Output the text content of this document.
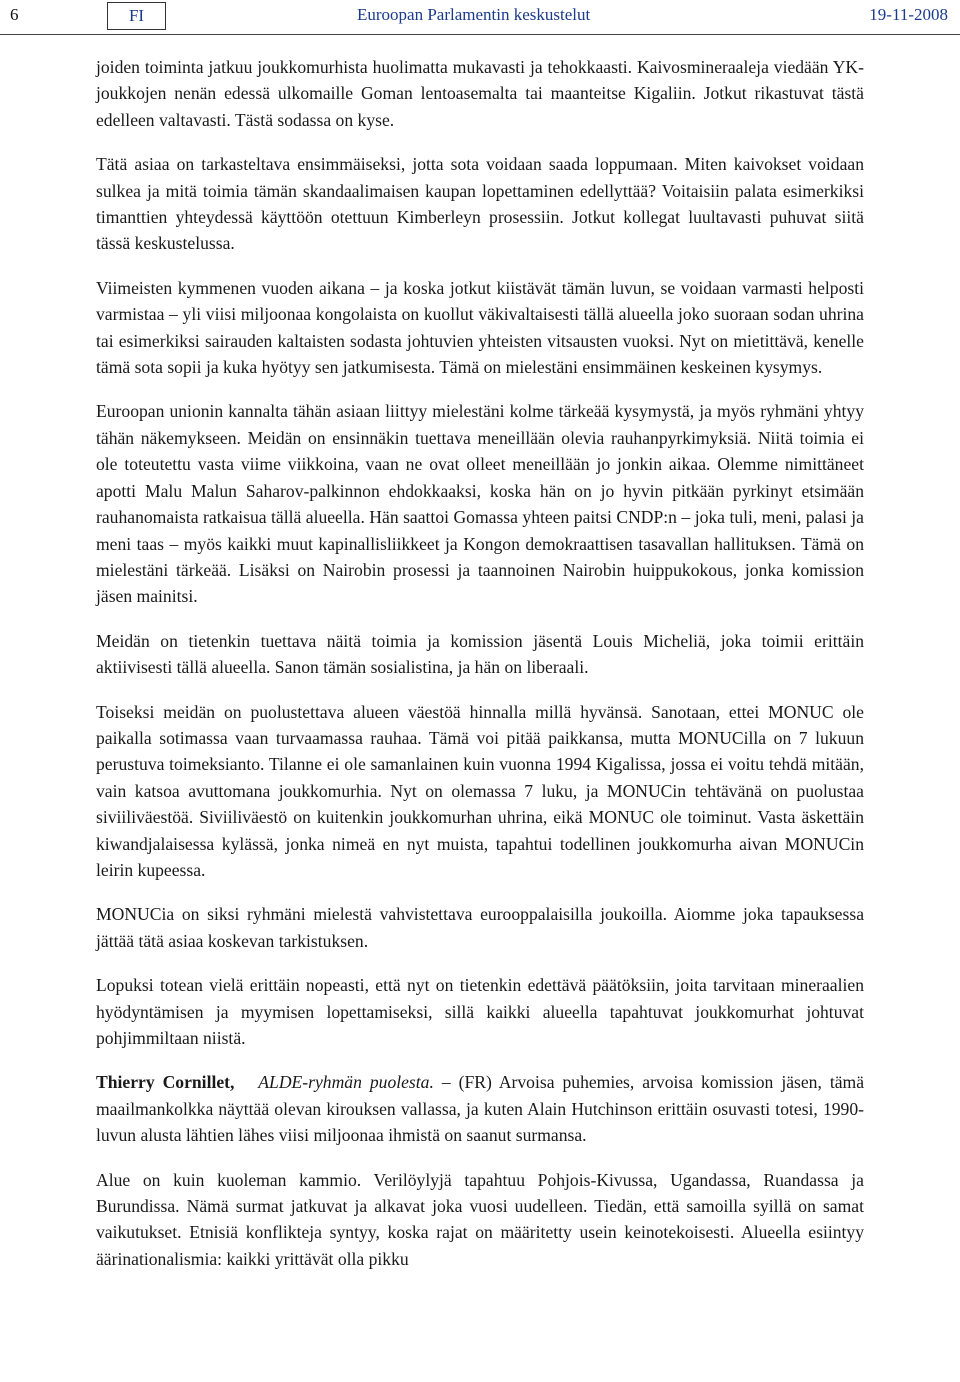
6	FI	Euroopan Parlamentin keskustelut	19-11-2008

joiden toiminta jatkuu joukkomurhista huolimatta mukavasti ja tehokkaasti. Kaivosmineraaleja viedään YK-joukkojen nenän edessä ulkomaille Goman lentoasemalta tai maanteitse Kigaliin. Jotkut rikastuvat tästä edelleen valtavasti. Tästä sodassa on kyse.

Tätä asiaa on tarkasteltava ensimmäiseksi, jotta sota voidaan saada loppumaan. Miten kaivokset voidaan sulkea ja mitä toimia tämän skandaalimaisen kaupan lopettaminen edellyttää? Voitaisiin palata esimerkiksi timanttien yhteydessä käyttöön otettuun Kimberleyn prosessiin. Jotkut kollegat luultavasti puhuvat siitä tässä keskustelussa.

Viimeisten kymmenen vuoden aikana – ja koska jotkut kiistävät tämän luvun, se voidaan varmasti helposti varmistaa – yli viisi miljoonaa kongolaista on kuollut väkivaltaisesti tällä alueella joko suoraan sodan uhrina tai esimerkiksi sairauden kaltaisten sodasta johtuvien yhteisten vitsausten vuoksi. Nyt on mietittävä, kenelle tämä sota sopii ja kuka hyötyy sen jatkumisesta. Tämä on mielestäni ensimmäinen keskeinen kysymys.

Euroopan unionin kannalta tähän asiaan liittyy mielestäni kolme tärkeää kysymystä, ja myös ryhmäni yhtyy tähän näkemykseen. Meidän on ensinnäkin tuettava meneillään olevia rauhanpyrkimyksiä. Niitä toimia ei ole toteutettu vasta viime viikkoina, vaan ne ovat olleet meneillään jo jonkin aikaa. Olemme nimittäneet apotti Malu Malun Saharov-palkinnon ehdokkaaksi, koska hän on jo hyvin pitkään pyrkinyt etsimään rauhanomaista ratkaisua tällä alueella. Hän saattoi Gomassa yhteen paitsi CNDP:n – joka tuli, meni, palasi ja meni taas – myös kaikki muut kapinallisliikkeet ja Kongon demokraattisen tasavallan hallituksen. Tämä on mielestäni tärkeää. Lisäksi on Nairobin prosessi ja taannoinen Nairobin huippukokous, jonka komission jäsen mainitsi.

Meidän on tietenkin tuettava näitä toimia ja komission jäsentä Louis Micheliä, joka toimii erittäin aktiivisesti tällä alueella. Sanon tämän sosialistina, ja hän on liberaali.

Toiseksi meidän on puolustettava alueen väestöä hinnalla millä hyvänsä. Sanotaan, ettei MONUC ole paikalla sotimassa vaan turvaamassa rauhaa. Tämä voi pitää paikkansa, mutta MONUCilla on 7 lukuun perustuva toimeksianto. Tilanne ei ole samanlainen kuin vuonna 1994 Kigalissa, jossa ei voitu tehdä mitään, vain katsoa avuttomana joukkomurhia. Nyt on olemassa 7 luku, ja MONUCin tehtävänä on puolustaa siviiliväestöä. Siviiliväestö on kuitenkin joukkomurhan uhrina, eikä MONUC ole toiminut. Vasta äskettäin kiwandjalaisessa kylässä, jonka nimeä en nyt muista, tapahtui todellinen joukkomurha aivan MONUCin leirin kupeessa.

MONUCia on siksi ryhmäni mielestä vahvistettava eurooppalaisilla joukoilla. Aiomme joka tapauksessa jättää tätä asiaa koskevan tarkistuksen.

Lopuksi totean vielä erittäin nopeasti, että nyt on tietenkin edettävä päätöksiin, joita tarvitaan mineraalien hyödyntämisen ja myymisen lopettamiseksi, sillä kaikki alueella tapahtuvat joukkomurhat johtuvat pohjimmiltaan niistä.

Thierry Cornillet, ALDE-ryhmän puolesta. – (FR) Arvoisa puhemies, arvoisa komission jäsen, tämä maailmankolkka näyttää olevan kirouksen vallassa, ja kuten Alain Hutchinson erittäin osuvasti totesi, 1990-luvun alusta lähtien lähes viisi miljoonaa ihmistä on saanut surmansa.

Alue on kuin kuoleman kammio. Verilöylyjä tapahtuu Pohjois-Kivussa, Ugandassa, Ruandassa ja Burundissa. Nämä surmat jatkuvat ja alkavat joka vuosi uudelleen. Tiedän, että samoilla syillä on samat vaikutukset. Etnisiä konflikteja syntyy, koska rajat on määritetty usein keinotekoisesti. Alueella esiintyy äärinationalismia: kaikki yrittävät olla pikku
